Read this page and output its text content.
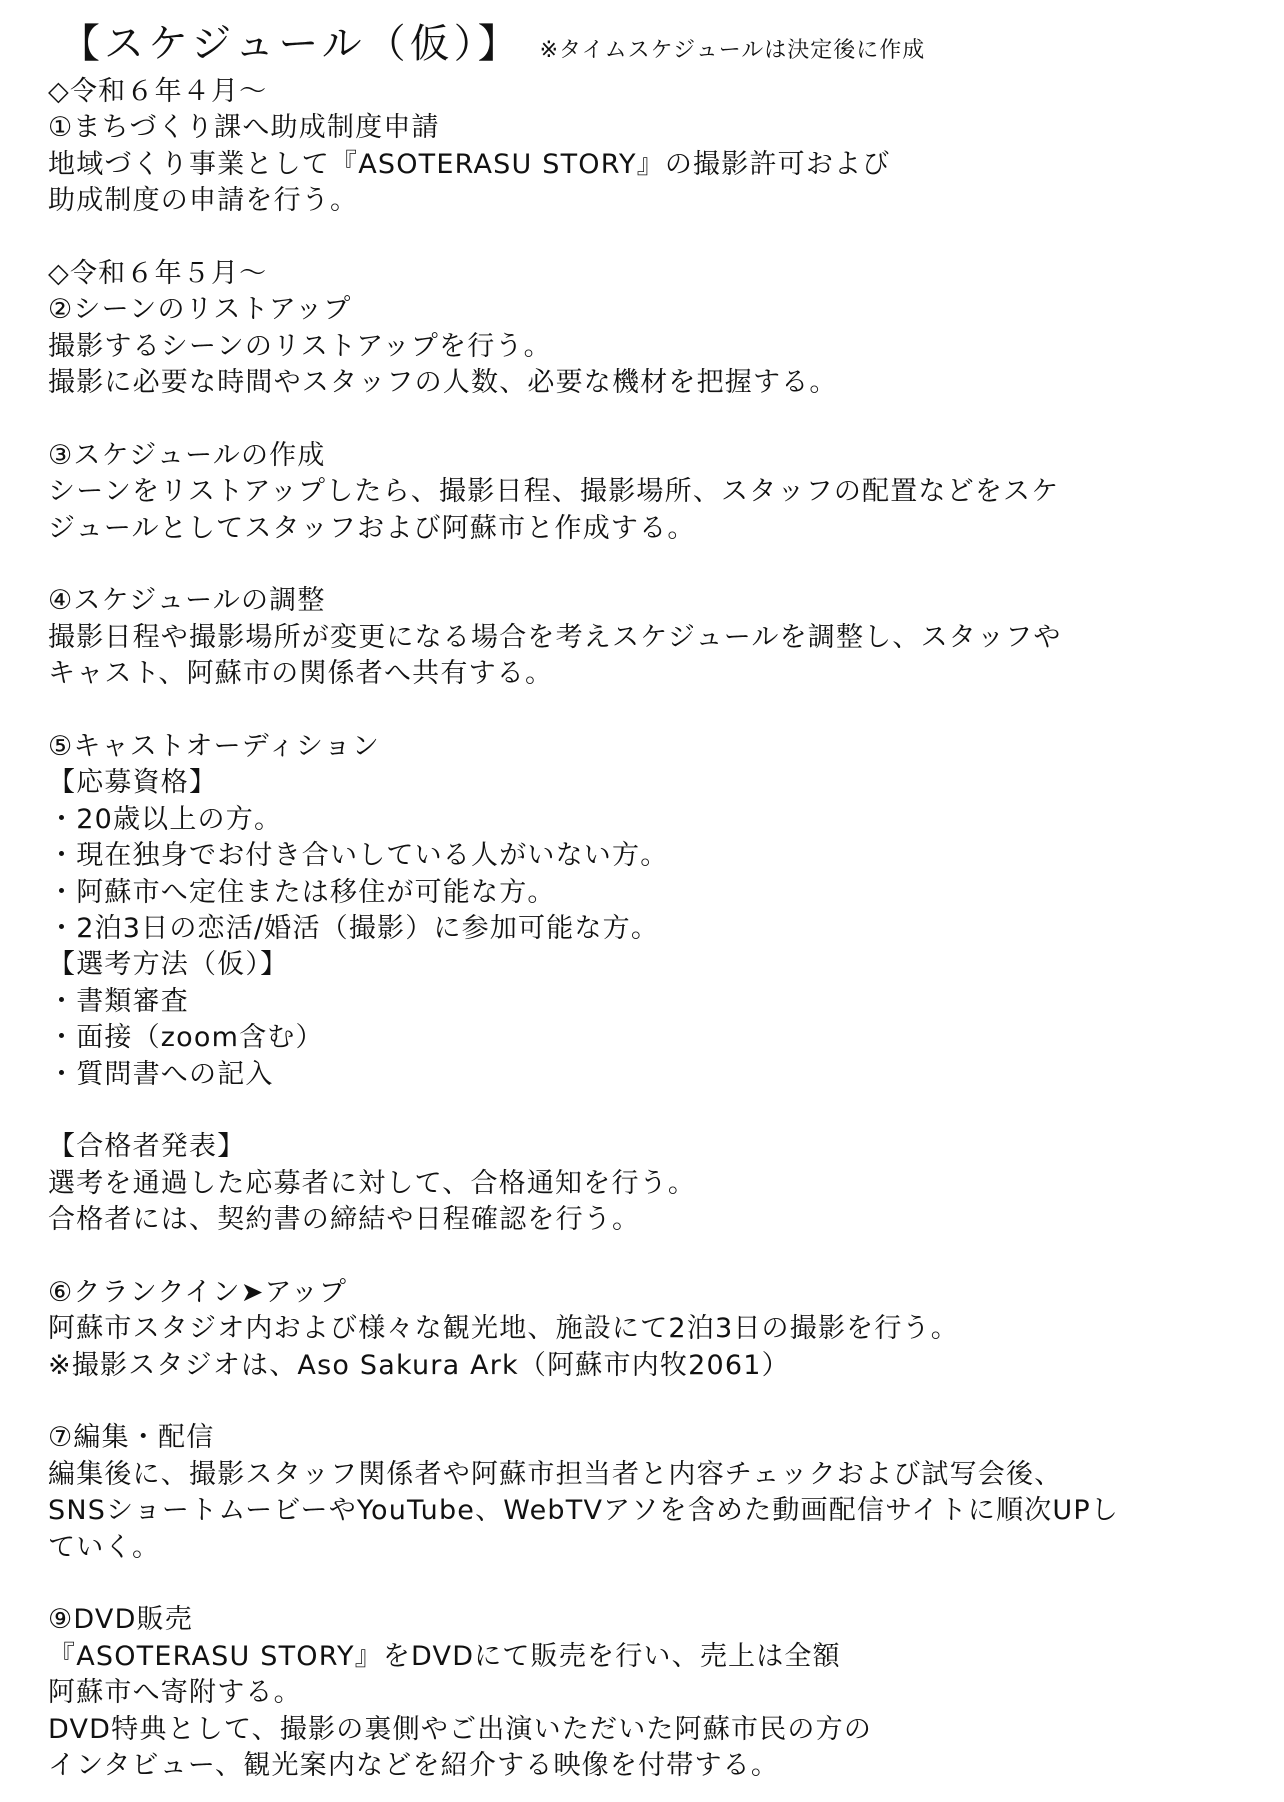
【スケジュール（仮）】 ※タイムスケジュールは決定後に作成
◇令和６年４月～
①まちづくり課へ助成制度申請
地域づくり事業として『ASOTERASU STORY』の撮影許可および
助成制度の申請を行う。
◇令和６年５月～
②シーンのリストアップ
撮影するシーンのリストアップを行う。
撮影に必要な時間やスタッフの人数、必要な機材を把握する。
③スケジュールの作成
シーンをリストアップしたら、撮影日程、撮影場所、スタッフの配置などをスケ
ジュールとしてスタッフおよび阿蘇市と作成する。
④スケジュールの調整
撮影日程や撮影場所が変更になる場合を考えスケジュールを調整し、スタッフや
キャスト、阿蘇市の関係者へ共有する。
⑤キャストオーディション
【応募資格】
・20歳以上の方。
・現在独身でお付き合いしている人がいない方。
・阿蘇市へ定住または移住が可能な方。
・2泊3日の恋活/婚活（撮影）に参加可能な方。
【選考方法（仮）】
・書類審査
・面接（zoom含む）
・質問書への記入
【合格者発表】
選考を通過した応募者に対して、合格通知を行う。
合格者には、契約書の締結や日程確認を行う。
⑥クランクイン➤アップ
阿蘇市スタジオ内および様々な観光地、施設にて2泊3日の撮影を行う。
※撮影スタジオは、Aso Sakura Ark（阿蘇市内牧2061）
⑦編集・配信
編集後に、撮影スタッフ関係者や阿蘇市担当者と内容チェックおよび試写会後、
SNSショートムービーやYouTube、WebTVアソを含めた動画配信サイトに順次UPし
ていく。
⑨DVD販売
『ASOTERASU STORY』をDVDにて販売を行い、売上は全額
阿蘇市へ寄附する。
DVD特典として、撮影の裏側やご出演いただいた阿蘇市民の方の
インタビュー、観光案内などを紹介する映像を付帯する。
